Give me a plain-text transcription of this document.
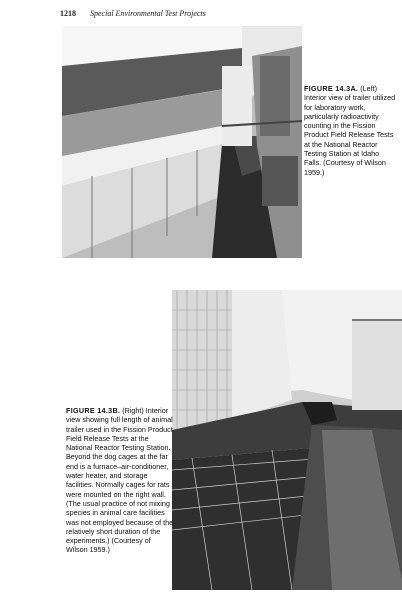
1218 Special Environmental Test Projects
FIGURE 14.3A. (Left) Interior view of trailer utilized for laboratory work, particularly radioactivity counting in the Fission Product Field Release Tests at the National Reactor Testing Station at Idaho Falls. (Courtesy of Wilson 1959.)
FIGURE 14.3B. (Right) Interior view showing full length of animal trailer used in the Fission Product Field Release Tests at the National Reactor Testing Station. Beyond the dog cages at the far end is a furnace–air-conditioner, water heater, and storage facilities. Normally cages for rats were mounted on the right wall. (The usual practice of not mixing species in animal care facilities was not employed because of the relatively short duration of the experiments.) (Courtesy of Wilson 1959.)
